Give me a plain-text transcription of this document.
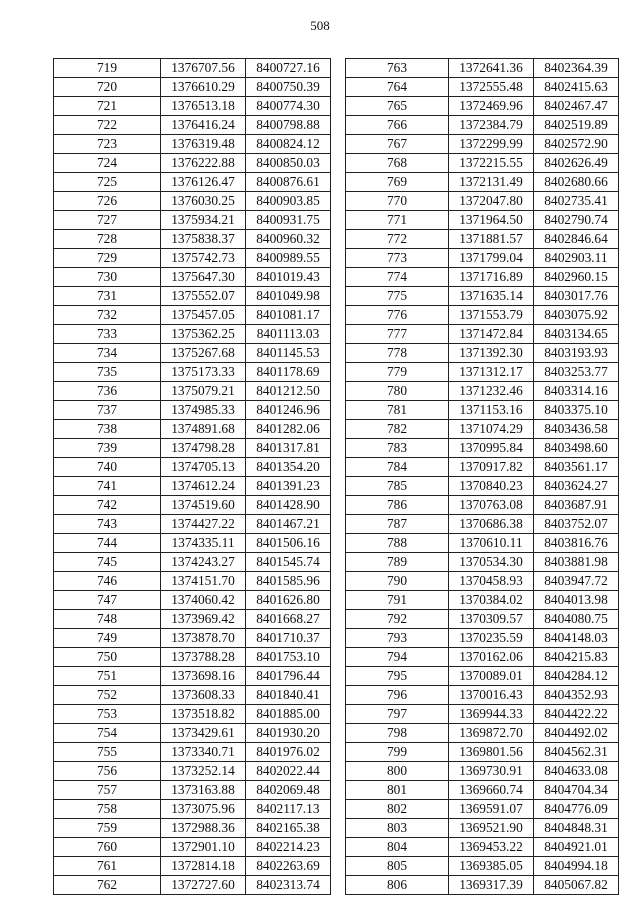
508
719	1376707.56	8400727.16
720	1376610.29	8400750.39
721	1376513.18	8400774.30
722	1376416.24	8400798.88
723	1376319.48	8400824.12
724	1376222.88	8400850.03
725	1376126.47	8400876.61
726	1376030.25	8400903.85
727	1375934.21	8400931.75
728	1375838.37	8400960.32
729	1375742.73	8400989.55
730	1375647.30	8401019.43
731	1375552.07	8401049.98
732	1375457.05	8401081.17
733	1375362.25	8401113.03
734	1375267.68	8401145.53
735	1375173.33	8401178.69
736	1375079.21	8401212.50
737	1374985.33	8401246.96
738	1374891.68	8401282.06
739	1374798.28	8401317.81
740	1374705.13	8401354.20
741	1374612.24	8401391.23
742	1374519.60	8401428.90
743	1374427.22	8401467.21
744	1374335.11	8401506.16
745	1374243.27	8401545.74
746	1374151.70	8401585.96
747	1374060.42	8401626.80
748	1373969.42	8401668.27
749	1373878.70	8401710.37
750	1373788.28	8401753.10
751	1373698.16	8401796.44
752	1373608.33	8401840.41
753	1373518.82	8401885.00
754	1373429.61	8401930.20
755	1373340.71	8401976.02
756	1373252.14	8402022.44
757	1373163.88	8402069.48
758	1373075.96	8402117.13
759	1372988.36	8402165.38
760	1372901.10	8402214.23
761	1372814.18	8402263.69
762	1372727.60	8402313.74
763	1372641.36	8402364.39
764	1372555.48	8402415.63
765	1372469.96	8402467.47
766	1372384.79	8402519.89
767	1372299.99	8402572.90
768	1372215.55	8402626.49
769	1372131.49	8402680.66
770	1372047.80	8402735.41
771	1371964.50	8402790.74
772	1371881.57	8402846.64
773	1371799.04	8402903.11
774	1371716.89	8402960.15
775	1371635.14	8403017.76
776	1371553.79	8403075.92
777	1371472.84	8403134.65
778	1371392.30	8403193.93
779	1371312.17	8403253.77
780	1371232.46	8403314.16
781	1371153.16	8403375.10
782	1371074.29	8403436.58
783	1370995.84	8403498.60
784	1370917.82	8403561.17
785	1370840.23	8403624.27
786	1370763.08	8403687.91
787	1370686.38	8403752.07
788	1370610.11	8403816.76
789	1370534.30	8403881.98
790	1370458.93	8403947.72
791	1370384.02	8404013.98
792	1370309.57	8404080.75
793	1370235.59	8404148.03
794	1370162.06	8404215.83
795	1370089.01	8404284.12
796	1370016.43	8404352.93
797	1369944.33	8404422.22
798	1369872.70	8404492.02
799	1369801.56	8404562.31
800	1369730.91	8404633.08
801	1369660.74	8404704.34
802	1369591.07	8404776.09
803	1369521.90	8404848.31
804	1369453.22	8404921.01
805	1369385.05	8404994.18
806	1369317.39	8405067.82
